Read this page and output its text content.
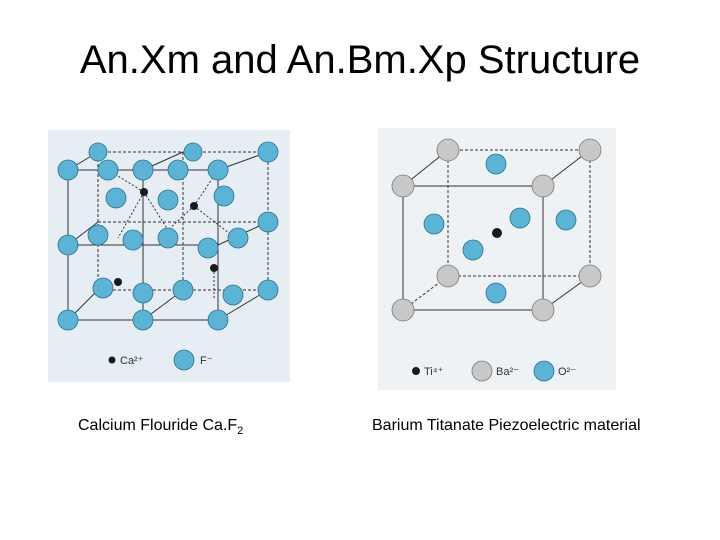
An.Xm and An.Bm.Xp Structure
Ca²⁺	F⁻
Ti⁴⁺	Ba²⁻	O²⁻
Calcium Flouride $Ca.F_2$	Barium Titanate Piezoelectric material
